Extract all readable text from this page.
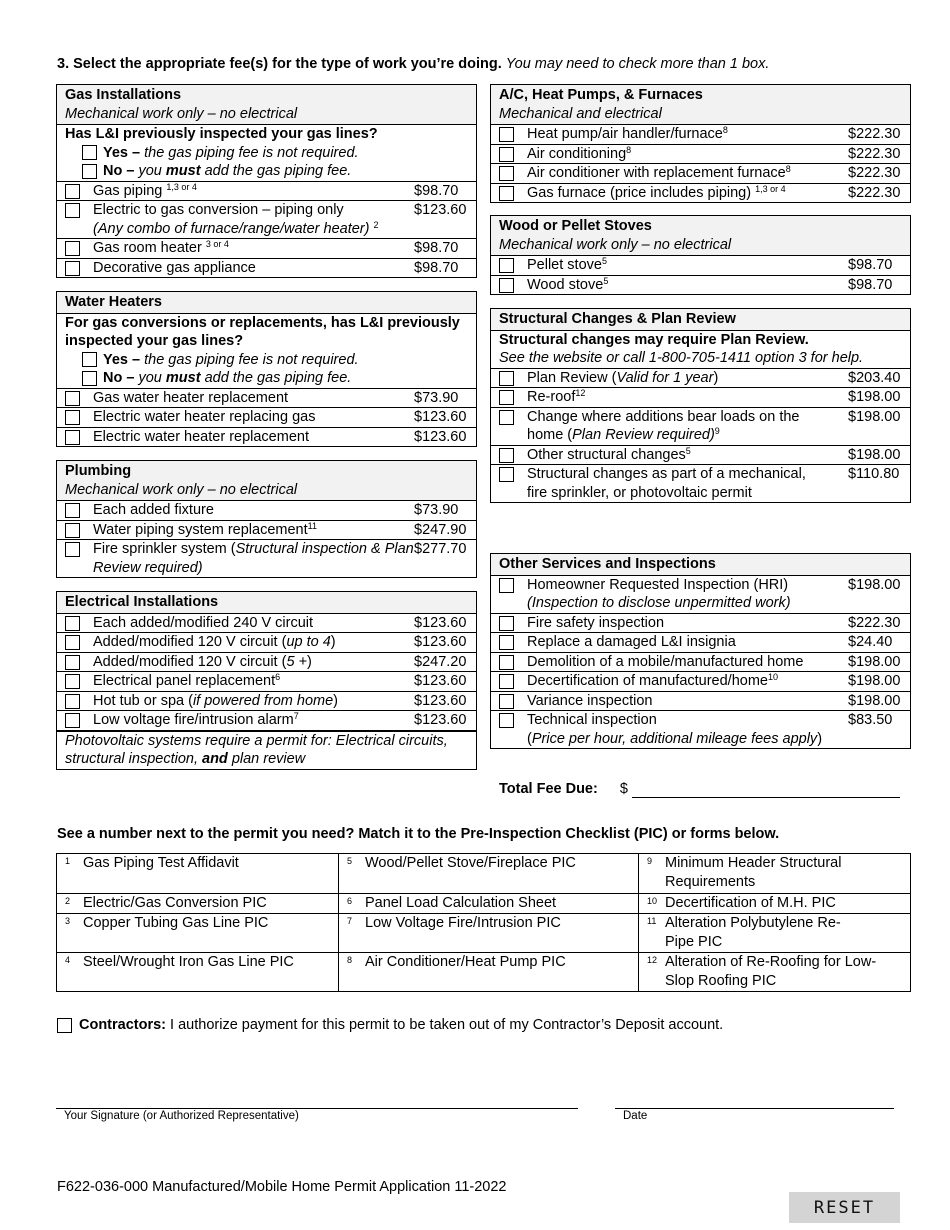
3. Select the appropriate fee(s) for the type of work you’re doing. You may need to check more than 1 box.
Gas Installations
Mechanical work only – no electrical
Has L&I previously inspected your gas lines?
Yes –
the gas piping fee is not required.
No –
you
must
add the gas piping fee.
Gas piping $^{1,3 or 4}$	$98.70
Electric to gas conversion – piping only
(Any combo of furnace/range/water heater) $^2$
$123.60
Gas room heater $^{3 or 4}$	$98.70
Decorative gas appliance	$98.70
Water Heaters
For gas conversions or replacements, has L&I previously inspected your gas lines?
Yes –
the gas piping fee is not required.
No –
you
must
add the gas piping fee.
Gas water heater replacement	$73.90
Electric water heater replacing gas	$123.60
Electric water heater replacement	$123.60
Plumbing
Mechanical work only – no electrical
Each added fixture	$73.90
Water piping system replacement$^{11}$	$247.90
Fire sprinkler system (Structural inspection & Plan Review required)
$277.70
Electrical Installations
Each added/modified 240 V circuit	$123.60
Added/modified 120 V circuit (up to 4)	$123.60
Added/modified 120 V circuit (5 +)	$247.20
Electrical panel replacement$^6$	$123.60
Hot tub or spa (if powered from home)	$123.60
Low voltage fire/intrusion alarm$^7$	$123.60
Photovoltaic systems require a permit for: Electrical circuits, structural inspection, and plan review
A/C, Heat Pumps, & Furnaces
Mechanical and electrical
Heat pump/air handler/furnace$^8$	$222.30
Air conditioning$^8$	$222.30
Air conditioner with replacement furnace$^8$	$222.30
Gas furnace (price includes piping) $^{1,3 or 4}$	$222.30
Wood or Pellet Stoves
Mechanical work only – no electrical
Pellet stove$^5$	$98.70
Wood stove$^5$	$98.70
Structural Changes & Plan Review
Structural changes may require Plan Review.
See the website or call 1-800-705-1411 option 3 for help.
Plan Review (Valid for 1 year)	$203.40
Re-roof$^{12}$	$198.00
Change where additions bear loads on the home (Plan Review required)$^9$
$198.00
Other structural changes$^5$	$198.00
Structural changes as part of a mechanical, fire sprinkler, or photovoltaic permit
$110.80
Other Services and Inspections
Homeowner Requested Inspection (HRI)
(Inspection to disclose unpermitted work)
$198.00
Fire safety inspection	$222.30
Replace a damaged L&I insignia	$24.40
Demolition of a mobile/manufactured home	$198.00
Decertification of manufactured/home$^{10}$	$198.00
Variance inspection	$198.00
Technical inspection
(Price per hour, additional mileage fees apply)
$83.50
Total Fee Due: $
See a number next to the permit you need? Match it to the Pre-Inspection Checklist (PIC) or forms below.
1 Gas Piping Test Affidavit	5 Wood/Pellet Stove/Fireplace PIC	9 Minimum Header Structural Requirements
2 Electric/Gas Conversion PIC	6 Panel Load Calculation Sheet	10 Decertification of M.H. PIC
3 Copper Tubing Gas Line PIC	7 Low Voltage Fire/Intrusion PIC	11 Alteration Polybutylene Re-Pipe PIC
4 Steel/Wrought Iron Gas Line PIC	8 Air Conditioner/Heat Pump PIC	12 Alteration of Re-Roofing for Low-Slop Roofing PIC
Contractors:
I authorize payment for this permit to be taken out of my Contractor’s Deposit account.
Your Signature (or Authorized Representative)	Date
F622-036-000 Manufactured/Mobile Home Permit Application 11-2022
RESET
